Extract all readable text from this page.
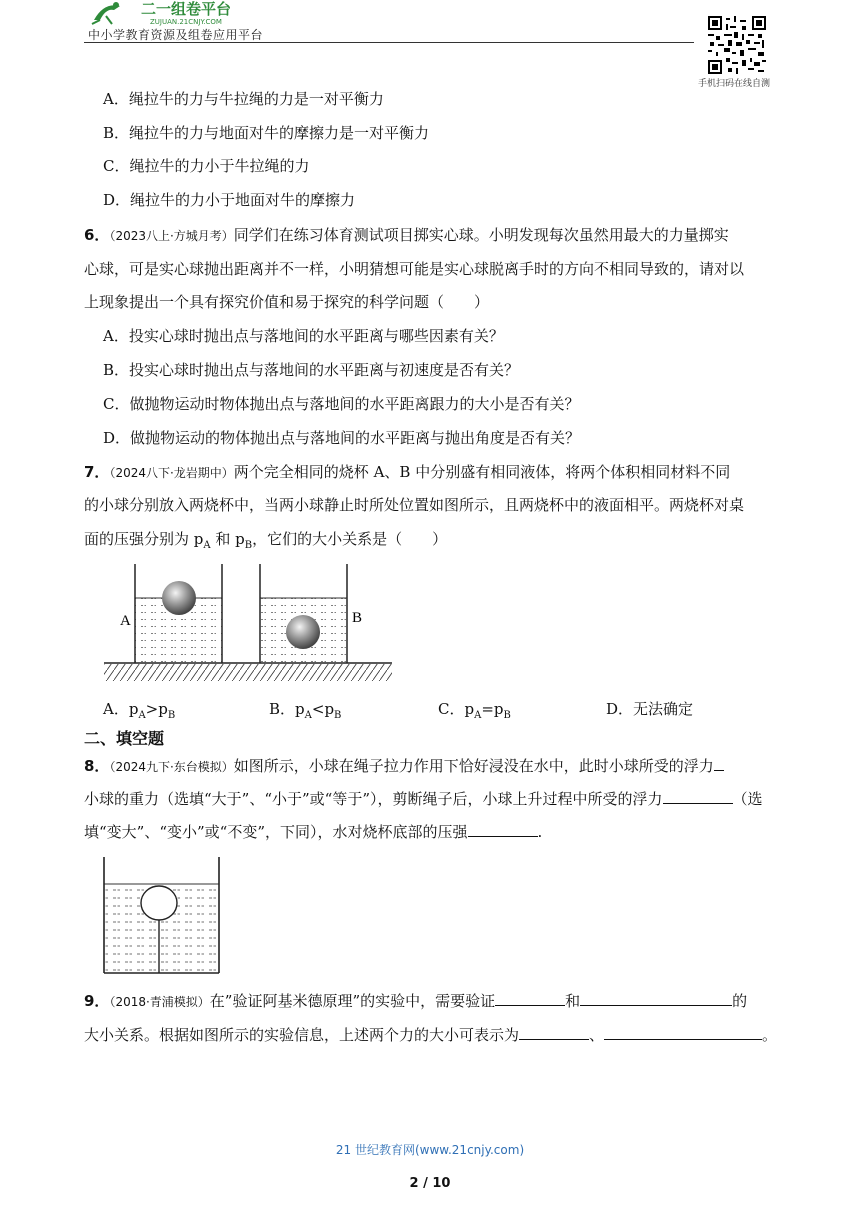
二一组卷平台
ZUJUAN.21CNJY.COM
中小学教育资源及组卷应用平台
手机扫码在线自测
A．绳拉牛的力与牛拉绳的力是一对平衡力
B．绳拉牛的力与地面对牛的摩擦力是一对平衡力
C．绳拉牛的力小于牛拉绳的力
D．绳拉牛的力小于地面对牛的摩擦力
6．（2023八上·方城月考）同学们在练习体育测试项目掷实心球。小明发现每次虽然用最大的力量掷实
心球，可是实心球抛出距离并不一样，小明猜想可能是实心球脱离手时的方向不相同导致的，请对以
上现象提出一个具有探究价值和易于探究的科学问题（　　）
A．投实心球时抛出点与落地间的水平距离与哪些因素有关？
B．投实心球时抛出点与落地间的水平距离与初速度是否有关？
C．做抛物运动时物体抛出点与落地间的水平距离跟力的大小是否有关？
D．做抛物运动的物体抛出点与落地间的水平距离与抛出角度是否有关？
7．（2024八下·龙岩期中）两个完全相同的烧杯 A、B 中分别盛有相同液体，将两个体积相同材料不同
的小球分别放入两烧杯中，当两小球静止时所处位置如图所示，且两烧杯中的液面相平。两烧杯对桌
面的压强分别为 $p_A$ 和 $p_B$，它们的大小关系是（　　）
A	B
A．$p_A>p_B$	B．$p_A<p_B$	C．$p_A=p_B$	D．无法确定
二、填空题
8．（2024九下·东台模拟）如图所示，小球在绳子拉力作用下恰好浸没在水中，此时小球所受的浮力
小球的重力（选填“大于”、“小于”或“等于”），剪断绳子后，小球上升过程中所受的浮力	（选
填“变大”、“变小”或“不变”，下同），水对烧杯底部的压强	.
9．（2018·青浦模拟）在”验证阿基米德原理”的实验中，需要验证	和	的
大小关系。根据如图所示的实验信息，上述两个力的大小可表示为	、	。
21 世纪教育网(www.21cnjy.com)
2 / 10
